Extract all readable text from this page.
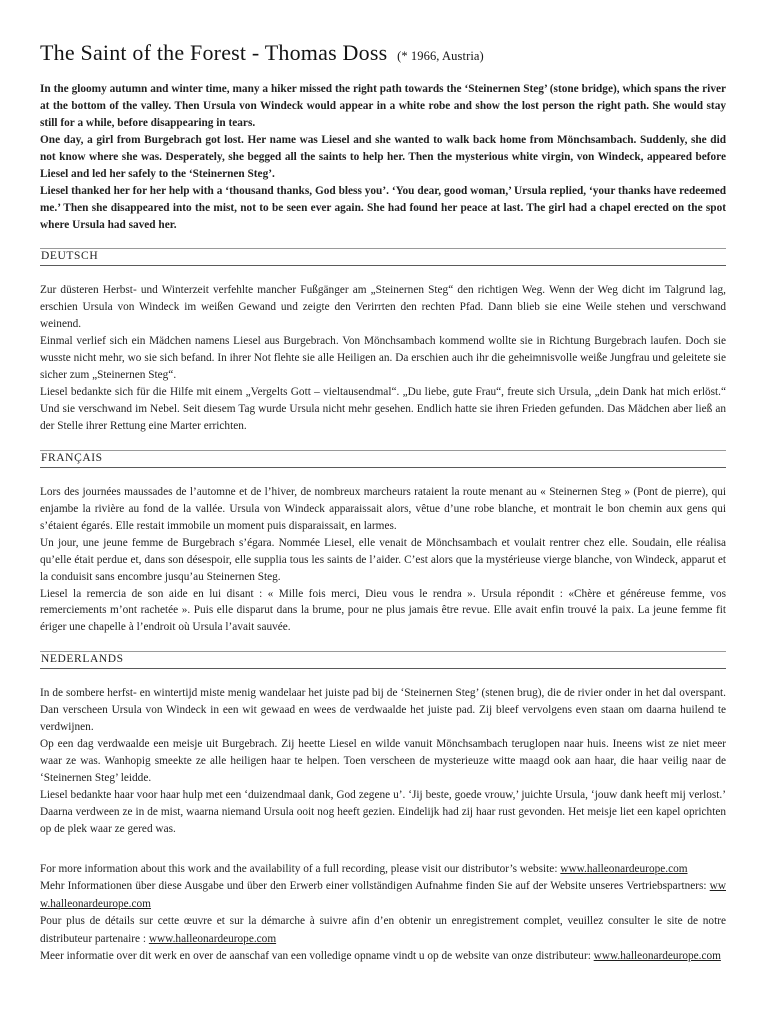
The Saint of the Forest - Thomas Doss (* 1966, Austria)

In the gloomy autumn and winter time, many a hiker missed the right path towards the ‘Steinernen Steg’ (stone bridge), which spans the river at the bottom of the valley. Then Ursula von Windeck would appear in a white robe and show the lost person the right path. She would stay still for a while, before disappearing in tears.

One day, a girl from Burgebrach got lost. Her name was Liesel and she wanted to walk back home from Mönchsambach. Suddenly, she did not know where she was. Desperately, she begged all the saints to help her. Then the mysterious white virgin, von Windeck, appeared before Liesel and led her safely to the ‘Steinernen Steg’.

Liesel thanked her for her help with a ‘thousand thanks, God bless you’. ‘You dear, good woman,’ Ursula replied, ‘your thanks have redeemed me.’ Then she disappeared into the mist, not to be seen ever again. She had found her peace at last. The girl had a chapel erected on the spot where Ursula had saved her.

DEUTSCH

Zur düsteren Herbst- und Winterzeit verfehlte mancher Fußgänger am „Steinernen Steg“ den richtigen Weg. Wenn der Weg dicht im Talgrund lag, erschien Ursula von Windeck im weißen Gewand und zeigte den Verirrten den rechten Pfad. Dann blieb sie eine Weile stehen und verschwand weinend.

Einmal verlief sich ein Mädchen namens Liesel aus Burgebrach. Von Mönchsambach kommend wollte sie in Richtung Burgebrach laufen. Doch sie wusste nicht mehr, wo sie sich befand. In ihrer Not flehte sie alle Heiligen an. Da erschien auch ihr die geheimnisvolle weiße Jungfrau und geleitete sie sicher zum „Steinernen Steg“.

Liesel bedankte sich für die Hilfe mit einem „Vergelts Gott – vieltausendmal“. „Du liebe, gute Frau“, freute sich Ursula, „dein Dank hat mich erlöst.“ Und sie verschwand im Nebel. Seit diesem Tag wurde Ursula nicht mehr gesehen. Endlich hatte sie ihren Frieden gefunden. Das Mädchen aber ließ an der Stelle ihrer Rettung eine Marter errichten.

FRANÇAIS

Lors des journées maussades de l’automne et de l’hiver, de nombreux marcheurs rataient la route menant au « Steinernen Steg » (Pont de pierre), qui enjambe la rivière au fond de la vallée. Ursula von Windeck apparaissait alors, vêtue d’une robe blanche, et montrait le bon chemin aux gens qui s’étaient égarés. Elle restait immobile un moment puis disparaissait, en larmes.

Un jour, une jeune femme de Burgebrach s’égara. Nommée Liesel, elle venait de Mönchsambach et voulait rentrer chez elle. Soudain, elle réalisa qu’elle était perdue et, dans son désespoir, elle supplia tous les saints de l’aider. C’est alors que la mystérieuse vierge blanche, von Windeck, apparut et la conduisit sans encombre jusqu’au Steinernen Steg.

Liesel la remercia de son aide en lui disant : « Mille fois merci, Dieu vous le rendra ». Ursula répondit : «Chère et généreuse femme, vos remerciements m’ont rachetée ». Puis elle disparut dans la brume, pour ne plus jamais être revue. Elle avait enfin trouvé la paix. La jeune femme fit ériger une chapelle à l’endroit où Ursula l’avait sauvée.

NEDERLANDS

In de sombere herfst- en wintertijd miste menig wandelaar het juiste pad bij de ‘Steinernen Steg’ (stenen brug), die de rivier onder in het dal overspant. Dan verscheen Ursula von Windeck in een wit gewaad en wees de verdwaalde het juiste pad. Zij bleef vervolgens even staan om daarna huilend te verdwijnen.

Op een dag verdwaalde een meisje uit Burgebrach. Zij heette Liesel en wilde vanuit Mönchsambach teruglopen naar huis. Ineens wist ze niet meer waar ze was. Wanhopig smeekte ze alle heiligen haar te helpen. Toen verscheen de mysterieuze witte maagd ook aan haar, die haar veilig naar de ‘Steinernen Steg’ leidde.

Liesel bedankte haar voor haar hulp met een ‘duizendmaal dank, God zegene u’. ‘Jij beste, goede vrouw,’ juichte Ursula, ‘jouw dank heeft mij verlost.’ Daarna verdween ze in de mist, waarna niemand Ursula ooit nog heeft gezien. Eindelijk had zij haar rust gevonden. Het meisje liet een kapel oprichten op de plek waar ze gered was.

For more information about this work and the availability of a full recording, please visit our distributor’s website: www.halleonardeurope.com

Mehr Informationen über diese Ausgabe und über den Erwerb einer vollständigen Aufnahme finden Sie auf der Website unseres Vertriebspartners: www.halleonardeurope.com

Pour plus de détails sur cette œuvre et sur la démarche à suivre afin d’en obtenir un enregistrement complet, veuillez consulter le site de notre distributeur partenaire : www.halleonardeurope.com

Meer informatie over dit werk en over de aanschaf van een volledige opname vindt u op de website van onze distributeur: www.halleonardeurope.com
